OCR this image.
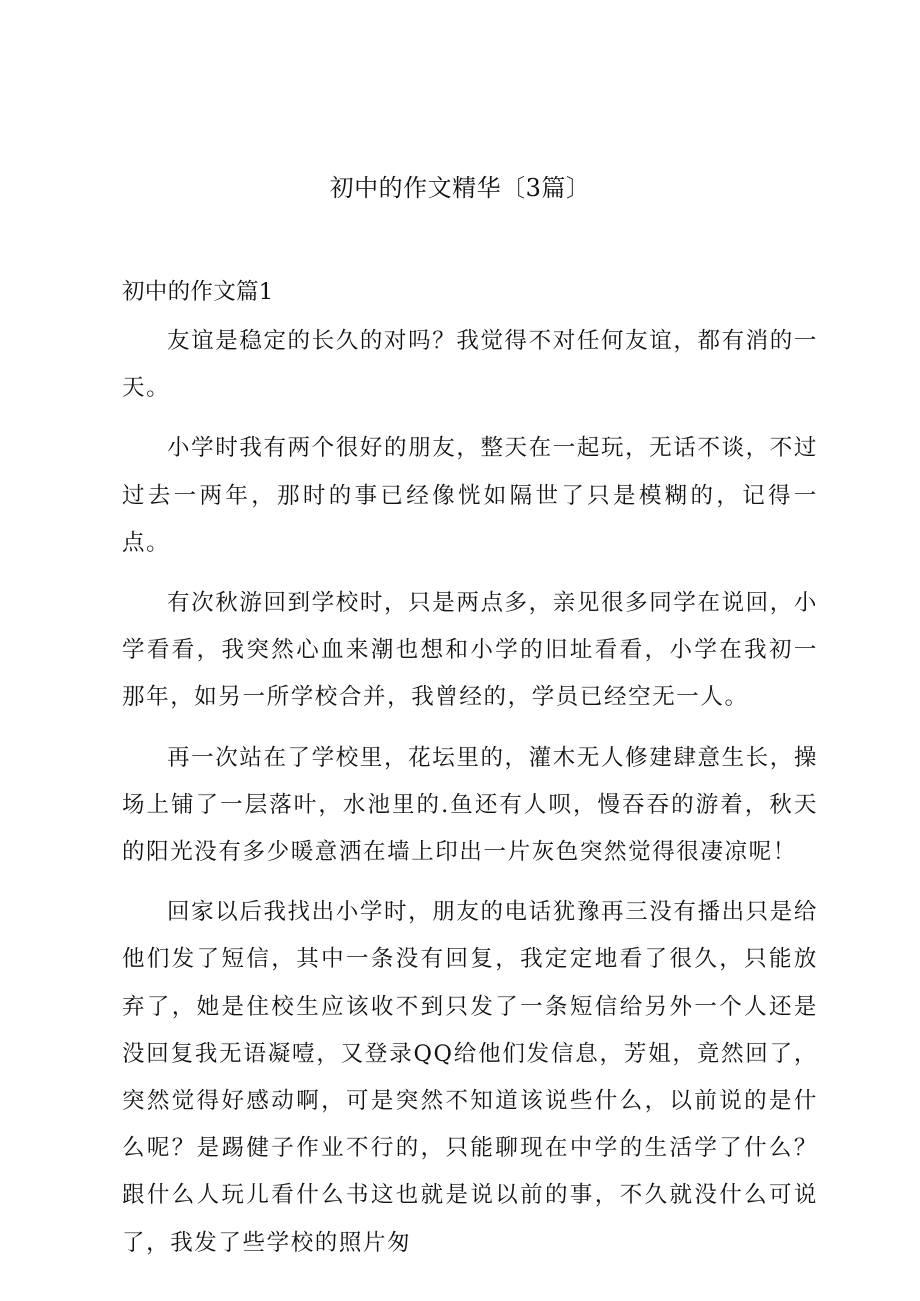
初中的作文精华〔3篇〕
初中的作文篇1

友谊是稳定的长久的对吗？我觉得不对任何友谊，都有消的一天。

小学时我有两个很好的朋友，整天在一起玩，无话不谈，不过过去一两年，那时的事已经像恍如隔世了只是模糊的，记得一点。

有次秋游回到学校时，只是两点多，亲见很多同学在说回，小学看看，我突然心血来潮也想和小学的旧址看看，小学在我初一那年，如另一所学校合并，我曾经的，学员已经空无一人。

再一次站在了学校里，花坛里的，灌木无人修建肆意生长，操场上铺了一层落叶，水池里的.鱼还有人呗，慢吞吞的游着，秋天的阳光没有多少暖意洒在墙上印出一片灰色突然觉得很凄凉呢！

回家以后我找出小学时，朋友的电话犹豫再三没有播出只是给他们发了短信，其中一条没有回复，我定定地看了很久，只能放弃了，她是住校生应该收不到只发了一条短信给另外一个人还是没回复我无语凝噎，又登录QQ给他们发信息，芳姐，竟然回了，突然觉得好感动啊，可是突然不知道该说些什么，以前说的是什么呢？是踢健子作业不行的，只能聊现在中学的生活学了什么？跟什么人玩儿看什么书这也就是说以前的事，不久就没什么可说了，我发了些学校的照片匆
